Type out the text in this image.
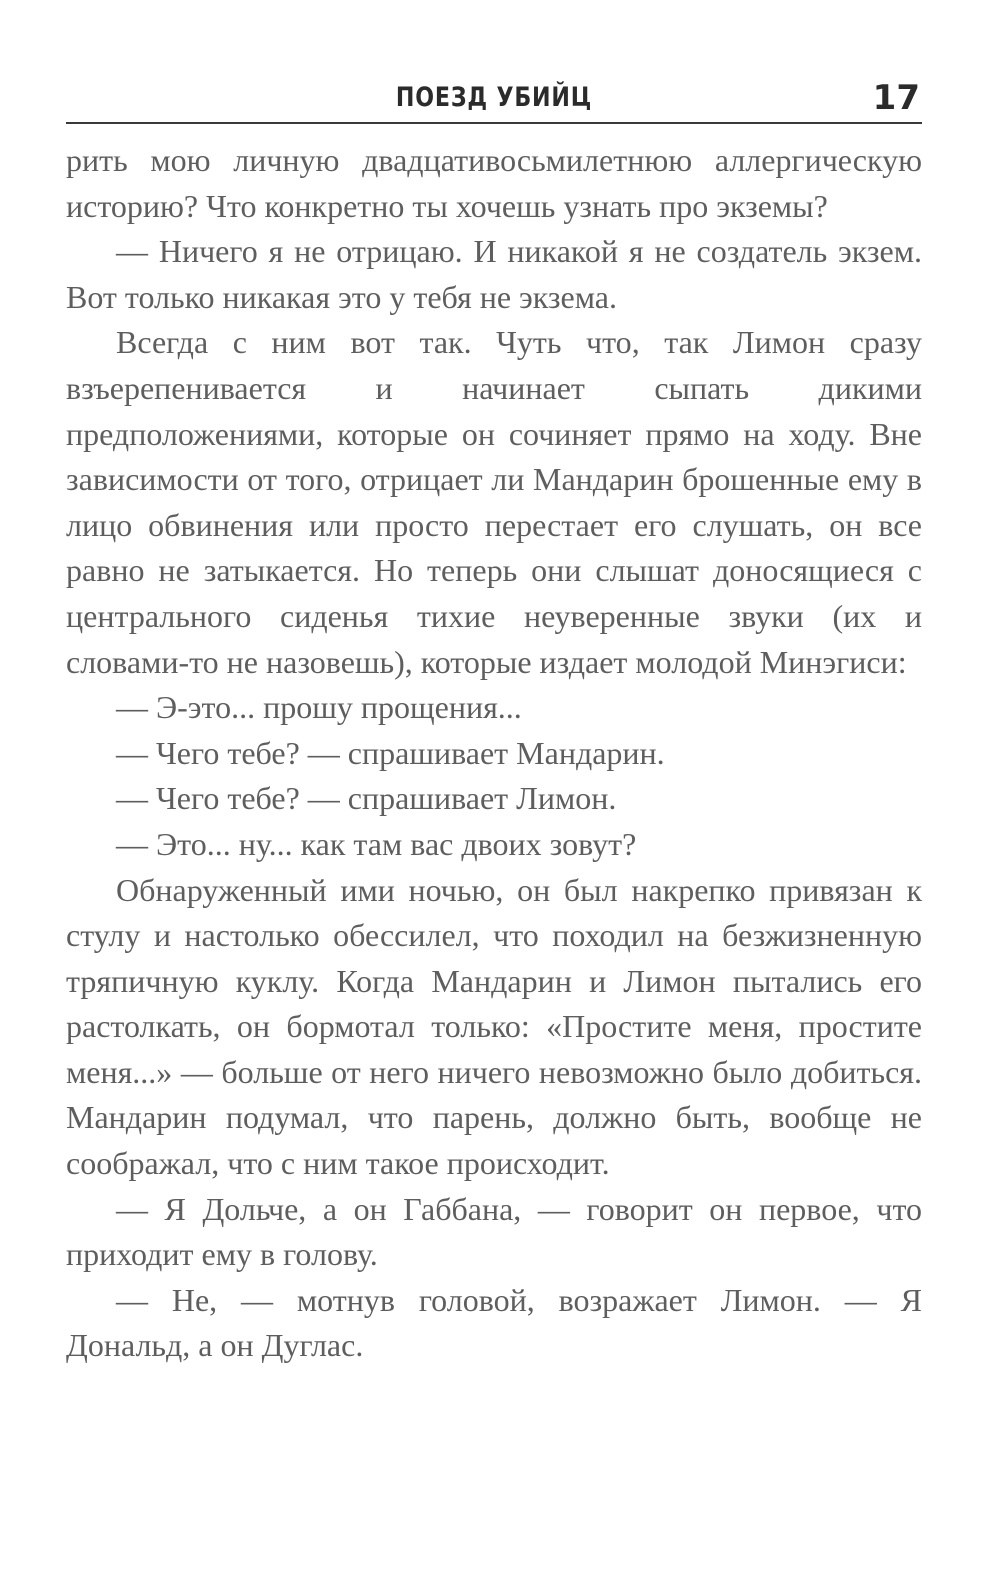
ПОЕЗД УБИЙЦ	17

рить мою личную двадцативосьмилетнюю аллергическую историю? Что конкретно ты хочешь узнать про экземы?

— Ничего я не отрицаю. И никакой я не создатель экзем. Вот только никакая это у тебя не экзема.

Всегда с ним вот так. Чуть что, так Лимон сразу взъерепенивается и начинает сыпать дикими предположениями, которые он сочиняет прямо на ходу. Вне зависимости от того, отрицает ли Мандарин брошенные ему в лицо обвинения или просто перестает его слушать, он все равно не затыкается. Но теперь они слышат доносящиеся с центрального сиденья тихие неуверенные звуки (их и словами-то не назовешь), которые издает молодой Минэгиси:

— Э-это... прошу прощения...

— Чего тебе? — спрашивает Мандарин.

— Чего тебе? — спрашивает Лимон.

— Это... ну... как там вас двоих зовут?

Обнаруженный ими ночью, он был накрепко привязан к стулу и настолько обессилел, что походил на безжизненную тряпичную куклу. Когда Мандарин и Лимон пытались его растолкать, он бормотал только: «Простите меня, простите меня...» — больше от него ничего невозможно было добиться. Мандарин подумал, что парень, должно быть, вообще не соображал, что с ним такое происходит.

— Я Дольче, а он Габбана, — говорит он первое, что приходит ему в голову.

— Не, — мотнув головой, возражает Лимон. — Я Дональд, а он Дуглас.
